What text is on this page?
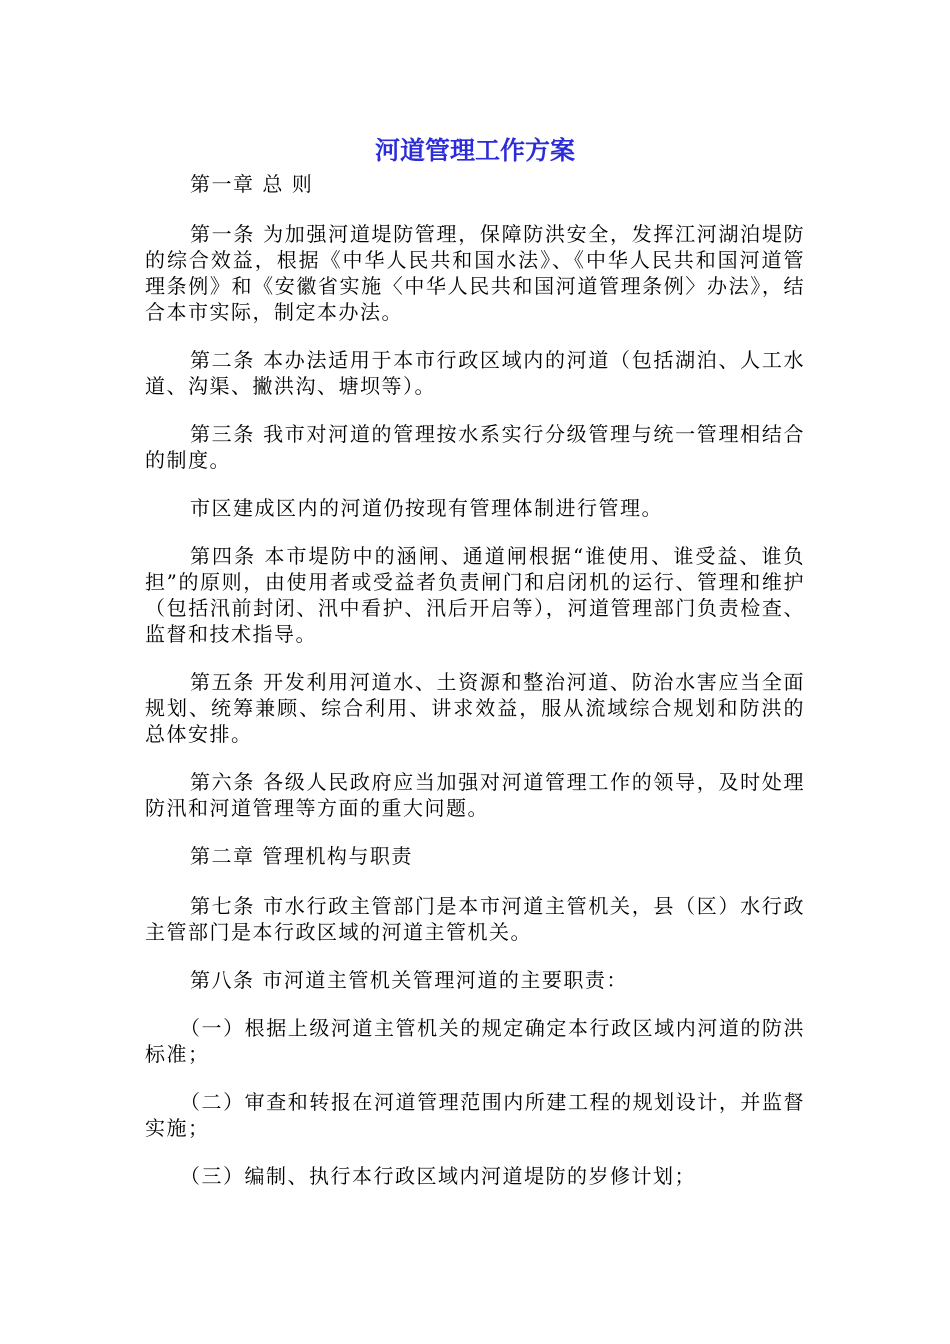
河道管理工作方案

第一章 总 则

第一条 为加强河道堤防管理，保障防洪安全，发挥江河湖泊堤防的综合效益，根据《中华人民共和国水法》、《中华人民共和国河道管理条例》和《安徽省实施〈中华人民共和国河道管理条例〉办法》，结合本市实际，制定本办法。

第二条 本办法适用于本市行政区域内的河道（包括湖泊、人工水道、沟渠、撇洪沟、塘坝等）。

第三条 我市对河道的管理按水系实行分级管理与统一管理相结合的制度。

市区建成区内的河道仍按现有管理体制进行管理。

第四条 本市堤防中的涵闸、通道闸根据“谁使用、谁受益、谁负担”的原则，由使用者或受益者负责闸门和启闭机的运行、管理和维护（包括汛前封闭、汛中看护、汛后开启等），河道管理部门负责检查、监督和技术指导。

第五条 开发利用河道水、土资源和整治河道、防治水害应当全面规划、统筹兼顾、综合利用、讲求效益，服从流域综合规划和防洪的总体安排。

第六条 各级人民政府应当加强对河道管理工作的领导，及时处理防汛和河道管理等方面的重大问题。

第二章 管理机构与职责

第七条 市水行政主管部门是本市河道主管机关，县（区）水行政主管部门是本行政区域的河道主管机关。

第八条 市河道主管机关管理河道的主要职责：

（一）根据上级河道主管机关的规定确定本行政区域内河道的防洪标准；

（二）审查和转报在河道管理范围内所建工程的规划设计，并监督实施；

（三）编制、执行本行政区域内河道堤防的岁修计划；
